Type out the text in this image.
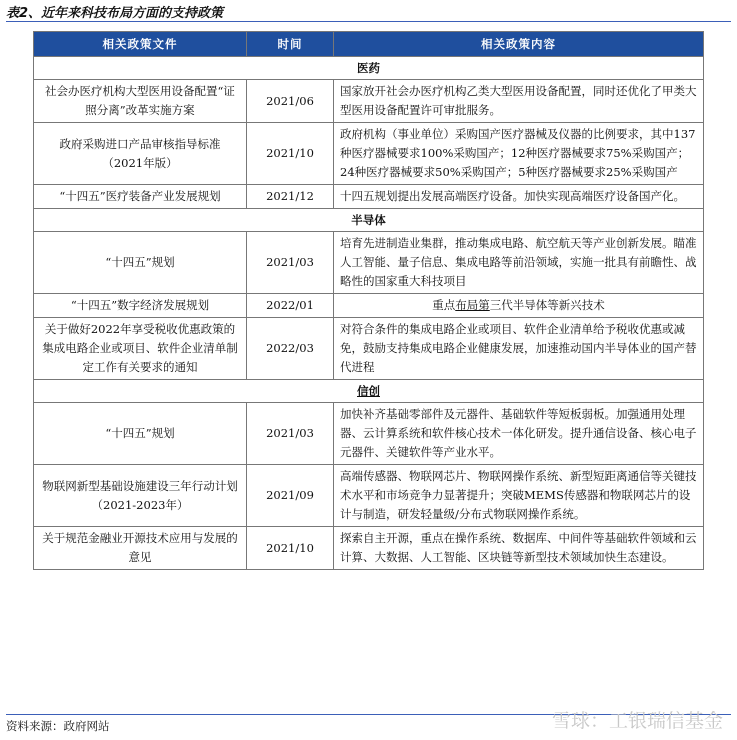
表2、近年来科技布局方面的支持政策
相关政策文件	时间	相关政策内容
医药		
社会办医疗机构大型医用设备配置“证照分离”改革实施方案	2021/06	国家放开社会办医疗机构乙类大型医用设备配置，同时还优化了甲类大型医用设备配置许可审批服务。
政府采购进口产品审核指导标准（2021年版）	2021/10	政府机构（事业单位）采购国产医疗器械及仪器的比例要求，其中137种医疗器械要求100%采购国产；12种医疗器械要求75%采购国产；24种医疗器械要求50%采购国产；5种医疗器械要求25%采购国产
“十四五”医疗装备产业发展规划	2021/12	十四五规划提出发展高端医疗设备。加快实现高端医疗设备国产化。
半导体		
“十四五”规划	2021/03	培育先进制造业集群，推动集成电路、航空航天等产业创新发展。瞄准人工智能、量子信息、集成电路等前沿领域，实施一批具有前瞻性、战略性的国家重大科技项目
“十四五”数字经济发展规划	2022/01	重点布局第三代半导体等新兴技术
关于做好2022年享受税收优惠政策的集成电路企业或项目、软件企业清单制定工作有关要求的通知	2022/03	对符合条件的集成电路企业或项目、软件企业清单给予税收优惠或减免，鼓励支持集成电路企业健康发展，加速推动国内半导体业的国产替代进程
信创		
“十四五”规划	2021/03	加快补齐基础零部件及元器件、基础软件等短板弱板。加强通用处理器、云计算系统和软件核心技术一体化研发。提升通信设备、核心电子元器件、关键软件等产业水平。
物联网新型基础设施建设三年行动计划（2021-2023年）	2021/09	高端传感器、物联网芯片、物联网操作系统、新型短距离通信等关键技术水平和市场竞争力显著提升；突破MEMS传感器和物联网芯片的设计与制造，研发轻量级/分布式物联网操作系统。
关于规范金融业开源技术应用与发展的意见	2021/10	探索自主开源，重点在操作系统、数据库、中间件等基础软件领域和云计算、大数据、人工智能、区块链等新型技术领域加快生态建设。
资料来源：政府网站	雪球：工银瑞信基金
